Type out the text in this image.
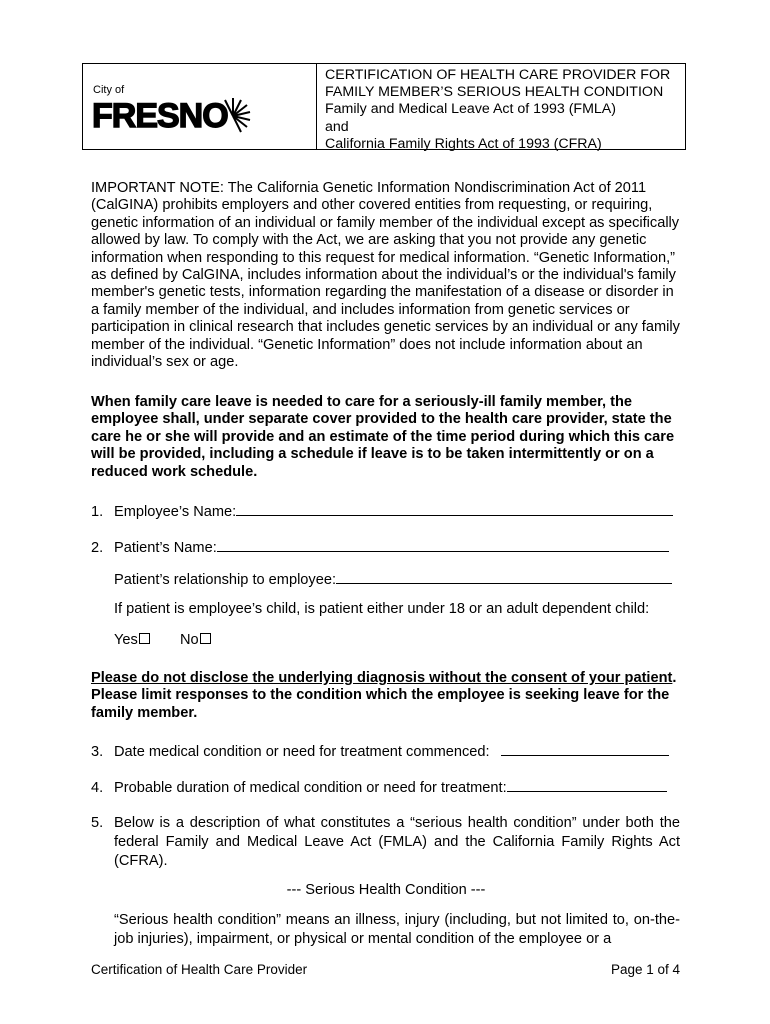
City of
FRESNO
CERTIFICATION OF HEALTH CARE PROVIDER FOR
FAMILY MEMBER’S SERIOUS HEALTH CONDITION
Family and Medical Leave Act of 1993 (FMLA)
and
California Family Rights Act of 1993 (CFRA)
IMPORTANT NOTE: The California Genetic Information Nondiscrimination Act of 2011 (CalGINA) prohibits employers and other covered entities from requesting, or requiring, genetic information of an individual or family member of the individual except as specifically allowed by law. To comply with the Act, we are asking that you not provide any genetic information when responding to this request for medical information. “Genetic Information,” as defined by CalGINA, includes information about the individual’s or the individual's family member's genetic tests, information regarding the manifestation of a disease or disorder in a family member of the individual, and includes information from genetic services or participation in clinical research that includes genetic services by an individual or any family member of the individual. “Genetic Information” does not include information about an individual’s sex or age.
When family care leave is needed to care for a seriously-ill family member, the employee shall, under separate cover provided to the health care provider, state the care he or she will provide and an estimate of the time period during which this care will be provided, including a schedule if leave is to be taken intermittently or on a reduced work schedule.
1. Employee’s Name:
2. Patient’s Name:
Patient’s relationship to employee:
If patient is employee’s child, is patient either under 18 or an adult dependent child:
Yes	No
Please do not disclose the underlying diagnosis without the consent of your patient. Please limit responses to the condition which the employee is seeking leave for the family member.
3. Date medical condition or need for treatment commenced:
4. Probable duration of medical condition or need for treatment:
5. Below is a description of what constitutes a “serious health condition” under both the federal Family and Medical Leave Act (FMLA) and the California Family Rights Act (CFRA).
--- Serious Health Condition ---
“Serious health condition” means an illness, injury (including, but not limited to, on-the-job injuries), impairment, or physical or mental condition of the employee or a
Certification of Health Care Provider	Page 1 of 4
